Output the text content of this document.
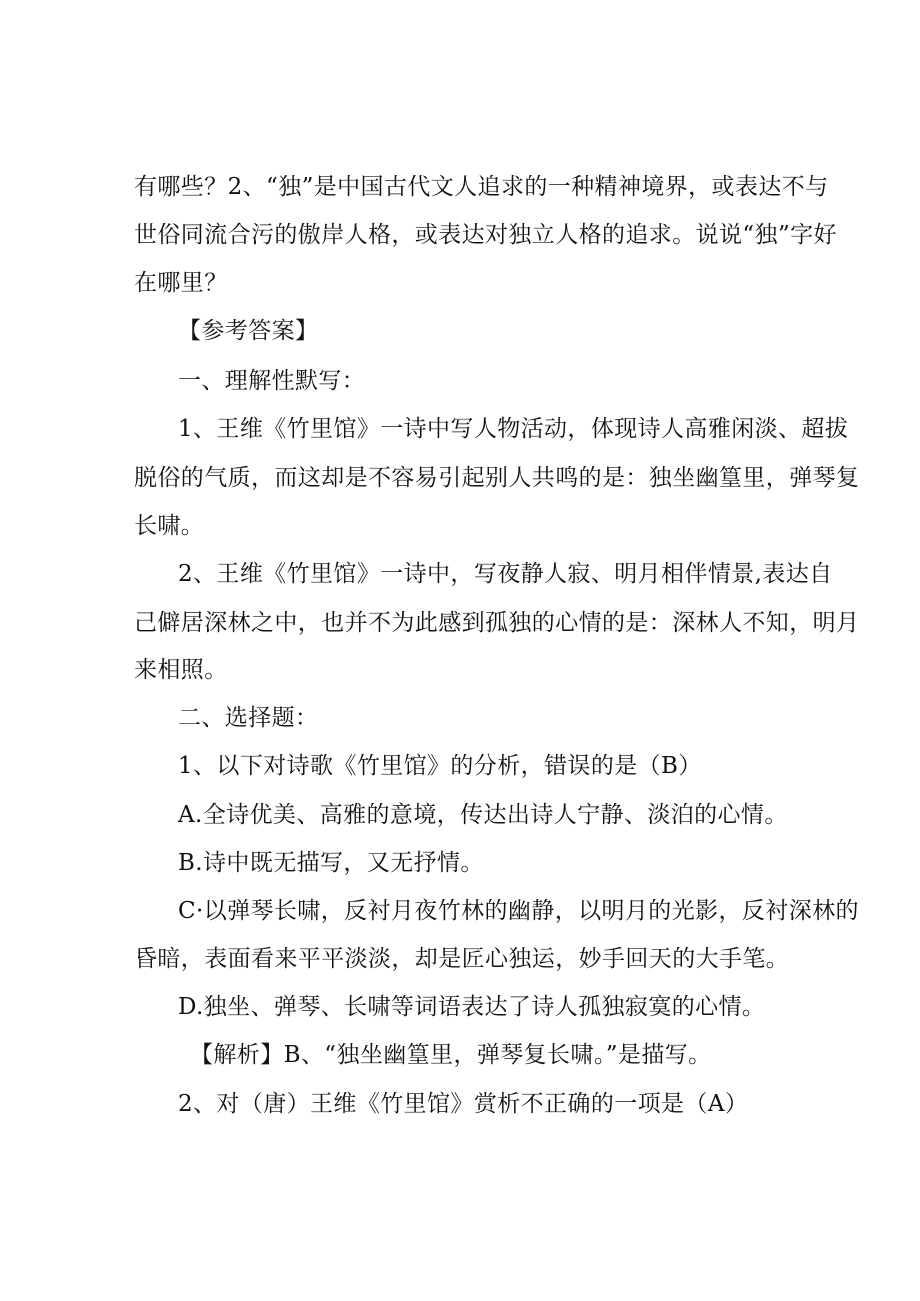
有哪些？2、“独”是中国古代文人追求的一种精神境界，或表达不与
世俗同流合污的傲岸人格，或表达对独立人格的追求。说说“独”字好
在哪里？
【参考答案】
一、理解性默写：
1、王维《竹里馆》一诗中写人物活动，体现诗人高雅闲淡、超拔
脱俗的气质，而这却是不容易引起别人共鸣的是：独坐幽篁里，弹琴复
长啸。
2、王维《竹里馆》一诗中，写夜静人寂、明月相伴情景,表达自
己僻居深林之中，也并不为此感到孤独的心情的是：深林人不知，明月
来相照。
二、选择题：
1、以下对诗歌《竹里馆》的分析，错误的是（B）
A.全诗优美、高雅的意境，传达出诗人宁静、淡泊的心情。
B.诗中既无描写，又无抒情。
C·以弹琴长啸，反衬月夜竹林的幽静，以明月的光影，反衬深林的
昏暗，表面看来平平淡淡，却是匠心独运，妙手回天的大手笔。
D.独坐、弹琴、长啸等词语表达了诗人孤独寂寞的心情。
【解析】B、“独坐幽篁里，弹琴复长啸。”是描写。
2、对（唐）王维《竹里馆》赏析不正确的一项是（A）
